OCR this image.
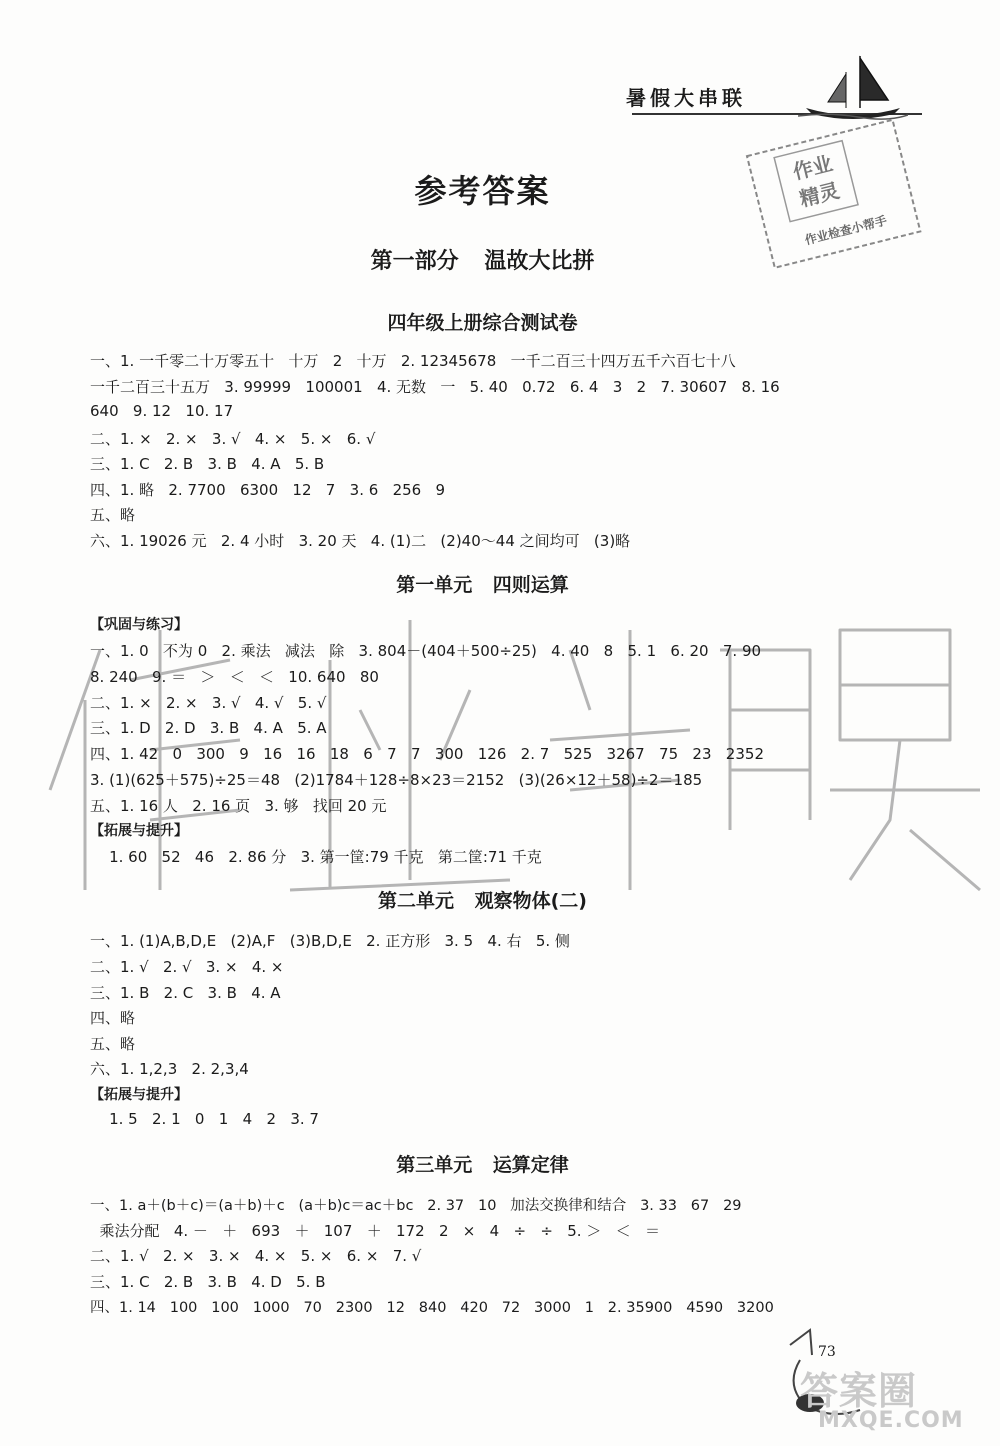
暑假大串联
作业
精灵
作业检查小帮手
参考答案
第一部分 温故大比拼
四年级上册综合测试卷
一、1. 一千零二十万零五十   十万   2   十万   2. 12345678   一千二百三十四万五千六百七十八
一千二百三十五万   3. 99999   100001   4. 无数   一   5. 40   0.72   6. 4   3   2   7. 30607   8. 16
640   9. 12   10. 17
二、1. ×   2. ×   3. √   4. ×   5. ×   6. √
三、1. C   2. B   3. B   4. A   5. B
四、1. 略   2. 7700   6300   12   7   3. 6   256   9
五、略
六、1. 19026 元   2. 4 小时   3. 20 天   4. (1)二   (2)40～44 之间均可   (3)略
第一单元 四则运算
【巩固与练习】
一、1. 0   不为 0   2. 乘法   减法   除   3. 804－(404＋500÷25)   4. 40   8   5. 1   6. 20   7. 90
8. 240   9. ＝   ＞   ＜   ＜   10. 640   80
二、1. ×   2. ×   3. √   4. √   5. √
三、1. D   2. D   3. B   4. A   5. A
四、1. 42   0   300   9   16   16   18   6   7   7   300   126   2. 7   525   3267   75   23   2352
3. (1)(625＋575)÷25＝48   (2)1784＋128÷8×23＝2152   (3)(26×12＋58)÷2＝185
五、1. 16 人   2. 16 页   3. 够   找回 20 元
【拓展与提升】
1. 60   52   46   2. 86 分   3. 第一筐:79 千克   第二筐:71 千克
第二单元 观察物体(二)
一、1. (1)A,B,D,E   (2)A,F   (3)B,D,E   2. 正方形   3. 5   4. 右   5. 侧
二、1. √   2. √   3. ×   4. ×
三、1. B   2. C   3. B   4. A
四、略
五、略
六、1. 1,2,3   2. 2,3,4
【拓展与提升】
1. 5   2. 1   0   1   4   2   3. 7
第三单元 运算定律
一、1. a＋(b＋c)＝(a＋b)＋c   (a＋b)c＝ac＋bc   2. 37   10   加法交换律和结合   3. 33   67   29
乘法分配   4. －   ＋   693   ＋   107   ＋   172   2   ×   4   ÷   ÷   5. ＞   ＜   ＝
二、1. √   2. ×   3. ×   4. ×   5. ×   6. ×   7. √
三、1. C   2. B   3. B   4. D   5. B
四、1. 14   100   100   1000   70   2300   12   840   420   72   3000   1   2. 35900   4590   3200
73
答案圈
MXQE.COM
